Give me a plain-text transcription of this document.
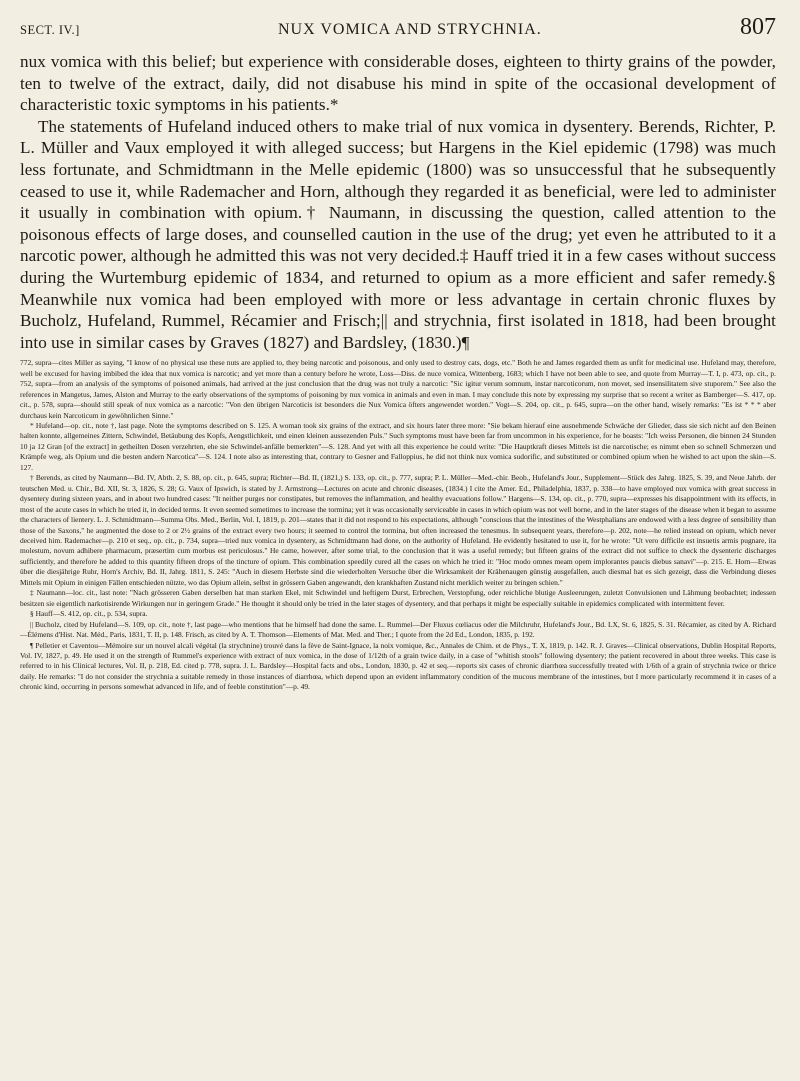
SECT. IV.]	NUX VOMICA AND STRYCHNIA.	807

nux vomica with this belief; but experience with considerable doses, eighteen to thirty grains of the powder, ten to twelve of the extract, daily, did not disabuse his mind in spite of the occasional development of characteristic toxic symptoms in his patients.*

The statements of Hufeland induced others to make trial of nux vomica in dysentery. Berends, Richter, P. L. Müller and Vaux employed it with alleged success; but Hargens in the Kiel epidemic (1798) was much less fortunate, and Schmidtmann in the Melle epidemic (1800) was so unsuccessful that he subsequently ceased to use it, while Rademacher and Horn, although they regarded it as beneficial, were led to administer it usually in combination with opium.† Naumann, in discussing the question, called attention to the poisonous effects of large doses, and counselled caution in the use of the drug; yet even he attributed to it a narcotic power, although he admitted this was not very decided.‡ Hauff tried it in a few cases without success during the Wurtemburg epidemic of 1834, and returned to opium as a more efficient and safer remedy.§ Meanwhile nux vomica had been employed with more or less advantage in certain chronic fluxes by Bucholz, Hufeland, Rummel, Récamier and Frisch;|| and strychnia, first isolated in 1818, had been brought into use in similar cases by Graves (1827) and Bardsley, (1830.)¶

772, supra—cites Miller as saying, "I know of no physical use these nuts are applied to, they being narcotic and poisonous, and only used to destroy cats, dogs, etc." Both he and James regarded them as unfit for medicinal use. Hufeland may, therefore, well be excused for having imbibed the idea that nux vomica is narcotic; and yet more than a century before he wrote, Loss—Diss. de nuce vomica, Wittenberg, 1683; which I have not been able to see, and quote from Murray—T. I, p. 473, op. cit., p. 752, supra—from an analysis of the symptoms of poisoned animals, had arrived at the just conclusion that the drug was not truly a narcotic: "Sic igitur verum somnum, instar narcoticorum, non movet, sed insensilitatem sive stuporem." See also the references in Mangetus, James, Alston and Murray to the early observations of the symptoms of poisoning by nux vomica in animals and even in man. I may conclude this note by expressing my surprise that so recent a writer as Bamberger—S. 417, op. cit., p. 578, supra—should still speak of nux vomica as a narcotic: "Von den übrigen Narcoticis ist besonders die Nux Vomica öfters angewendet worden." Vogt—S. 204, op. cit., p. 645, supra—on the other hand, wisely remarks: "Es ist * * * aber durchaus kein Narcoticum in gewöhnlichen Sinne."

* Hufeland—op. cit., note †, last page. Note the symptoms described on S. 125. A woman took six grains of the extract, and six hours later three more: "Sie bekam hierauf eine ausnehmende Schwäche der Glieder, dass sie sich nicht auf den Beinen halten konnte, allgemeines Zittern, Schwindel, Betäubung des Kopfs, Aengstlichkeit, und einen kleinen aussezenden Puls." Such symptoms must have been far from uncommon in his experience, for he boasts: "Ich weiss Personen, die binnen 24 Stunden 10 ja 12 Gran [of the extract] in getheilten Dosen verzehrten, ehe sie Schwindel-anfälle bemerkten"—S. 128. And yet with all this experience he could write: "Die Hauptkraft dieses Mittels ist die narcotische; es nimmt eben so schnell Schmerzen und Krämpfe weg, als Opium und die besten andern Narcotica"—S. 124. I note also as interesting that, contrary to Gesner and Falloppius, he did not think nux vomica sudorific, and substituted or combined opium when he wished to act upon the skin—S. 127.

† Berends, as cited by Naumann—Bd. IV, Abth. 2, S. 88, op. cit., p. 645, supra; Richter—Bd. II, (1821,) S. 133, op. cit., p. 777, supra; P. L. Müller—Med.-chir. Beob., Hufeland's Jour., Supplement—Stück des Jahrg. 1825, S. 39, and Neue Jahrb. der teutschen Med. u. Chir., Bd. XII, St. 3, 1826, S. 28; G. Vaux of Ipswich, is stated by J. Armstrong—Lectures on acute and chronic diseases, (1834.) I cite the Amer. Ed., Philadelphia, 1837, p. 338—to have employed nux vomica with great success in dysentery during sixteen years, and in about two hundred cases: "It neither purges nor constipates, but removes the inflammation, and healthy evacuations follow." Hargens—S. 134, op. cit., p. 770, supra—expresses his disappointment with its effects, in most of the acute cases in which he tried it, in decided terms. It even seemed sometimes to increase the tormina; yet it was occasionally serviceable in cases in which opium was not well borne, and in the later stages of the disease when it began to assume the characters of lientery. L. J. Schmidtmann—Summa Obs. Med., Berlin, Vol. I, 1819, p. 201—states that it did not respond to his expectations, although "conscious that the intestines of the Westphalians are endowed with a less degree of sensibility than those of the Saxons," he augmented the dose to 2 or 2½ grains of the extract every two hours; it seemed to control the tormina, but often increased the tenesmus. In subsequent years, therefore—p. 202, note—he relied instead on opium, which never deceived him. Rademacher—p. 210 et seq., op. cit., p. 734, supra—tried nux vomica in dysentery, as Schmidtmann had done, on the authority of Hufeland. He evidently hesitated to use it, for he wrote: "Ut vero difficile est insuetis armis pugnare, ita molestum, novum adhibere pharmacum, præsertim cum morbus est periculosus." He came, however, after some trial, to the conclusion that it was a useful remedy; but fifteen grains of the extract did not suffice to check the dysenteric discharges sufficiently, and therefore he added to this quantity fifteen drops of the tincture of opium. This combination speedily cured all the cases on which he tried it: "Hoc modo omnes meam opem implorantes paucis diebus sanavi"—p. 215. E. Horn—Etwas über die diesjährige Ruhr, Horn's Archiv, Bd. II, Jahrg. 1811, S. 245: "Auch in diesem Herbste sind die wiederholten Versuche über die Wirksamkeit der Krähenaugen günstig ausgefallen, auch diesmal hat es sich gezeigt, dass die Verbindung dieses Mittels mit Opium in einigen Fällen entschieden nützte, wo das Opium allein, selbst in grössern Gaben angewandt, den krankhaften Zustand nicht merklich weiter zu bringen schien."

‡ Naumann—loc. cit., last note: "Nach grösseren Gaben derselben hat man starken Ekel, mit Schwindel und heftigem Durst, Erbrechen, Verstopfung, oder reichliche blutige Ausleerungen, zuletzt Convulsionen und Lähmung beobachtet; indessen besitzen sie eigentlich narkotisirende Wirkungen nur in geringem Grade." He thought it should only be tried in the later stages of dysentery, and that perhaps it might be especially suitable in epidemics complicated with intermittent fever.

§ Hauff—S. 412, op. cit., p. 534, supra.

|| Bucholz, cited by Hufeland—S. 109, op. cit., note †, last page—who mentions that he himself had done the same. L. Rummel—Der Fluxus cœliacus oder die Milchruhr, Hufeland's Jour., Bd. LX, St. 6, 1825, S. 31. Récamier, as cited by A. Richard—Élémens d'Hist. Nat. Méd., Paris, 1831, T. II, p. 148. Frisch, as cited by A. T. Thomson—Elements of Mat. Med. and Ther.; I quote from the 2d Ed., London, 1835, p. 192.

¶ Pelletier et Caventou—Mémoire sur un nouvel alcali végétal (la strychnine) trouvé dans la fève de Saint-Ignace, la noix vomique, &c., Annales de Chim. et de Phys., T. X, 1819, p. 142. R. J. Graves—Clinical observations, Dublin Hospital Reports, Vol. IV, 1827, p. 49. He used it on the strength of Rummel's experience with extract of nux vomica, in the dose of 1/12th of a grain twice daily, in a case of "whitish stools" following dysentery; the patient recovered in about three weeks. This case is referred to in his Clinical lectures, Vol. II, p. 218, Ed. cited p. 778, supra. J. L. Bardsley—Hospital facts and obs., London, 1830, p. 42 et seq.—reports six cases of chronic diarrhœa successfully treated with 1/6th of a grain of strychnia twice or thrice daily. He remarks: "I do not consider the strychnia a suitable remedy in those instances of diarrhœa, which depend upon an evident inflammatory condition of the mucous membrane of the intestines, but I more particularly recommend it in cases of a chronic kind, occurring in persons somewhat advanced in life, and of feeble constitution"—p. 49.
